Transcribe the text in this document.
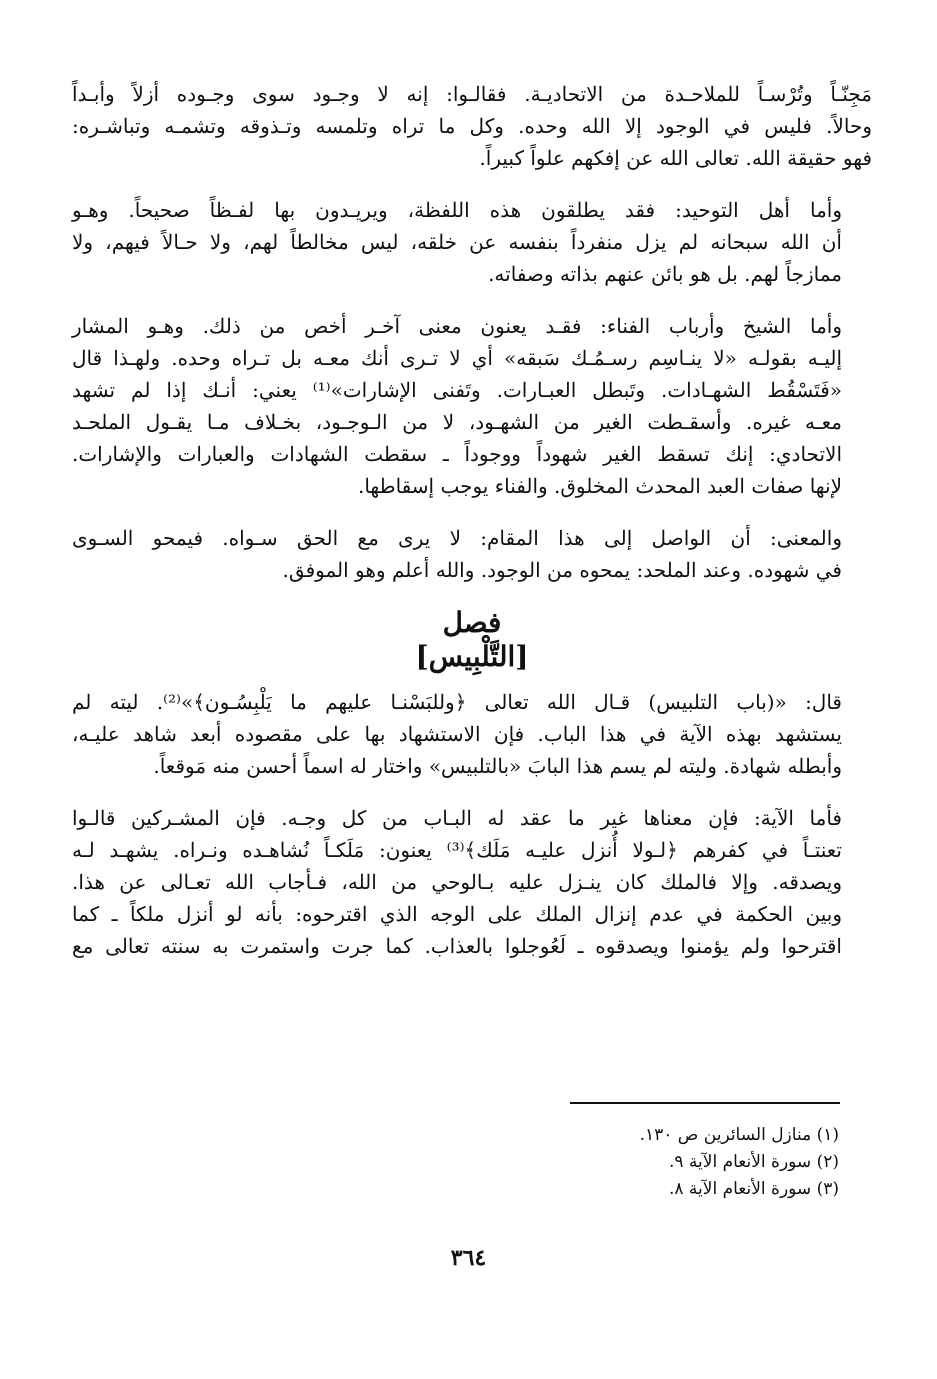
مَجِنّـاً وتُرْسـاً للملاحـدة من الاتحاديـة. فقالـوا: إنه لا وجـود سوى وجـوده أزلاً وأبـداً
وحالاً. فليس في الوجود إلا الله وحده. وكل ما تراه وتلمسه وتـذوقه وتشمـه وتباشـره:
فهو حقيقة الله. تعالى الله عن إفكهم علواً كبيراً.
وأما أهل التوحيد: فقد يطلقون هذه اللفظة، ويريـدون بها لفـظاً صحيحاً. وهـو
أن الله سبحانه لم يزل منفرداً بنفسه عن خلقه، ليس مخالطاً لهم، ولا حـالاً فيهم، ولا
ممازجاً لهم. بل هو بائن عنهم بذاته وصفاته.
وأما الشيخ وأرباب الفناء: فقـد يعنون معنى آخـر أخص من ذلك. وهـو المشار
إليـه بقولـه «لا ينـاسِم رسـمُـك سَبقه» أي لا تـرى أنك معـه بل تـراه وحده. ولهـذا قال
«فَتَسْقُط الشهـادات. وتَبطل العبـارات. وتَفنى الإشارات»⁽¹⁾ يعني: أنـك إذا لم تشهد
معـه غيره. وأسقـطت الغير من الشهـود، لا من الـوجـود، بخـلاف مـا يقـول الملحـد
الاتحادي: إنك تسقط الغير شهوداً ووجوداً ـ سقطت الشهادات والعبارات والإشارات.
لإنها صفات العبد المحدث المخلوق. والفناء يوجب إسقاطها.
والمعنى: أن الواصل إلى هذا المقام: لا يرى مع الحق سـواه. فيمحو السـوى
في شهوده. وعند الملحد: يمحوه من الوجود. والله أعلم وهو الموفق.
فصل
[التَّلْبِيس]
قال: «(باب التلبيس) قـال الله تعالى ﴿وللبَسْنـا عليهم ما يَلْبِسُـون﴾»⁽²⁾. ليته لم
يستشهد بهذه الآية في هذا الباب. فإن الاستشهاد بها على مقصوده أبعد شاهد عليـه،
وأبطله شهادة. وليته لم يسم هذا البابَ «بالتلبيس» واختار له اسماً أحسن منه مَوقعاً.
فأما الآية: فإن معناها غير ما عقد له البـاب من كل وجـه. فإن المشـركين قالـوا
تعنتـاً في كفرهم ﴿لـولا أُنزل عليـه مَلَك﴾⁽³⁾ يعنون: مَلَكـاً نُشاهـده ونـراه. يشهـد لـه
ويصدقه. وإلا فالملك كان ينـزل عليه بـالوحي من الله، فـأجاب الله تعـالى عن هذا.
وبين الحكمة في عدم إنزال الملك على الوجه الذي اقترحوه: بأنه لو أنزل ملكاً ـ كما
اقترحوا ولم يؤمنوا ويصدقوه ـ لَعُوجلوا بالعذاب. كما جرت واستمرت به سنته تعالى مع
(١) منازل السائرين ص ١٣٠.
(٢) سورة الأنعام الآية ٩.
(٣) سورة الأنعام الآية ٨.
٣٦٤
